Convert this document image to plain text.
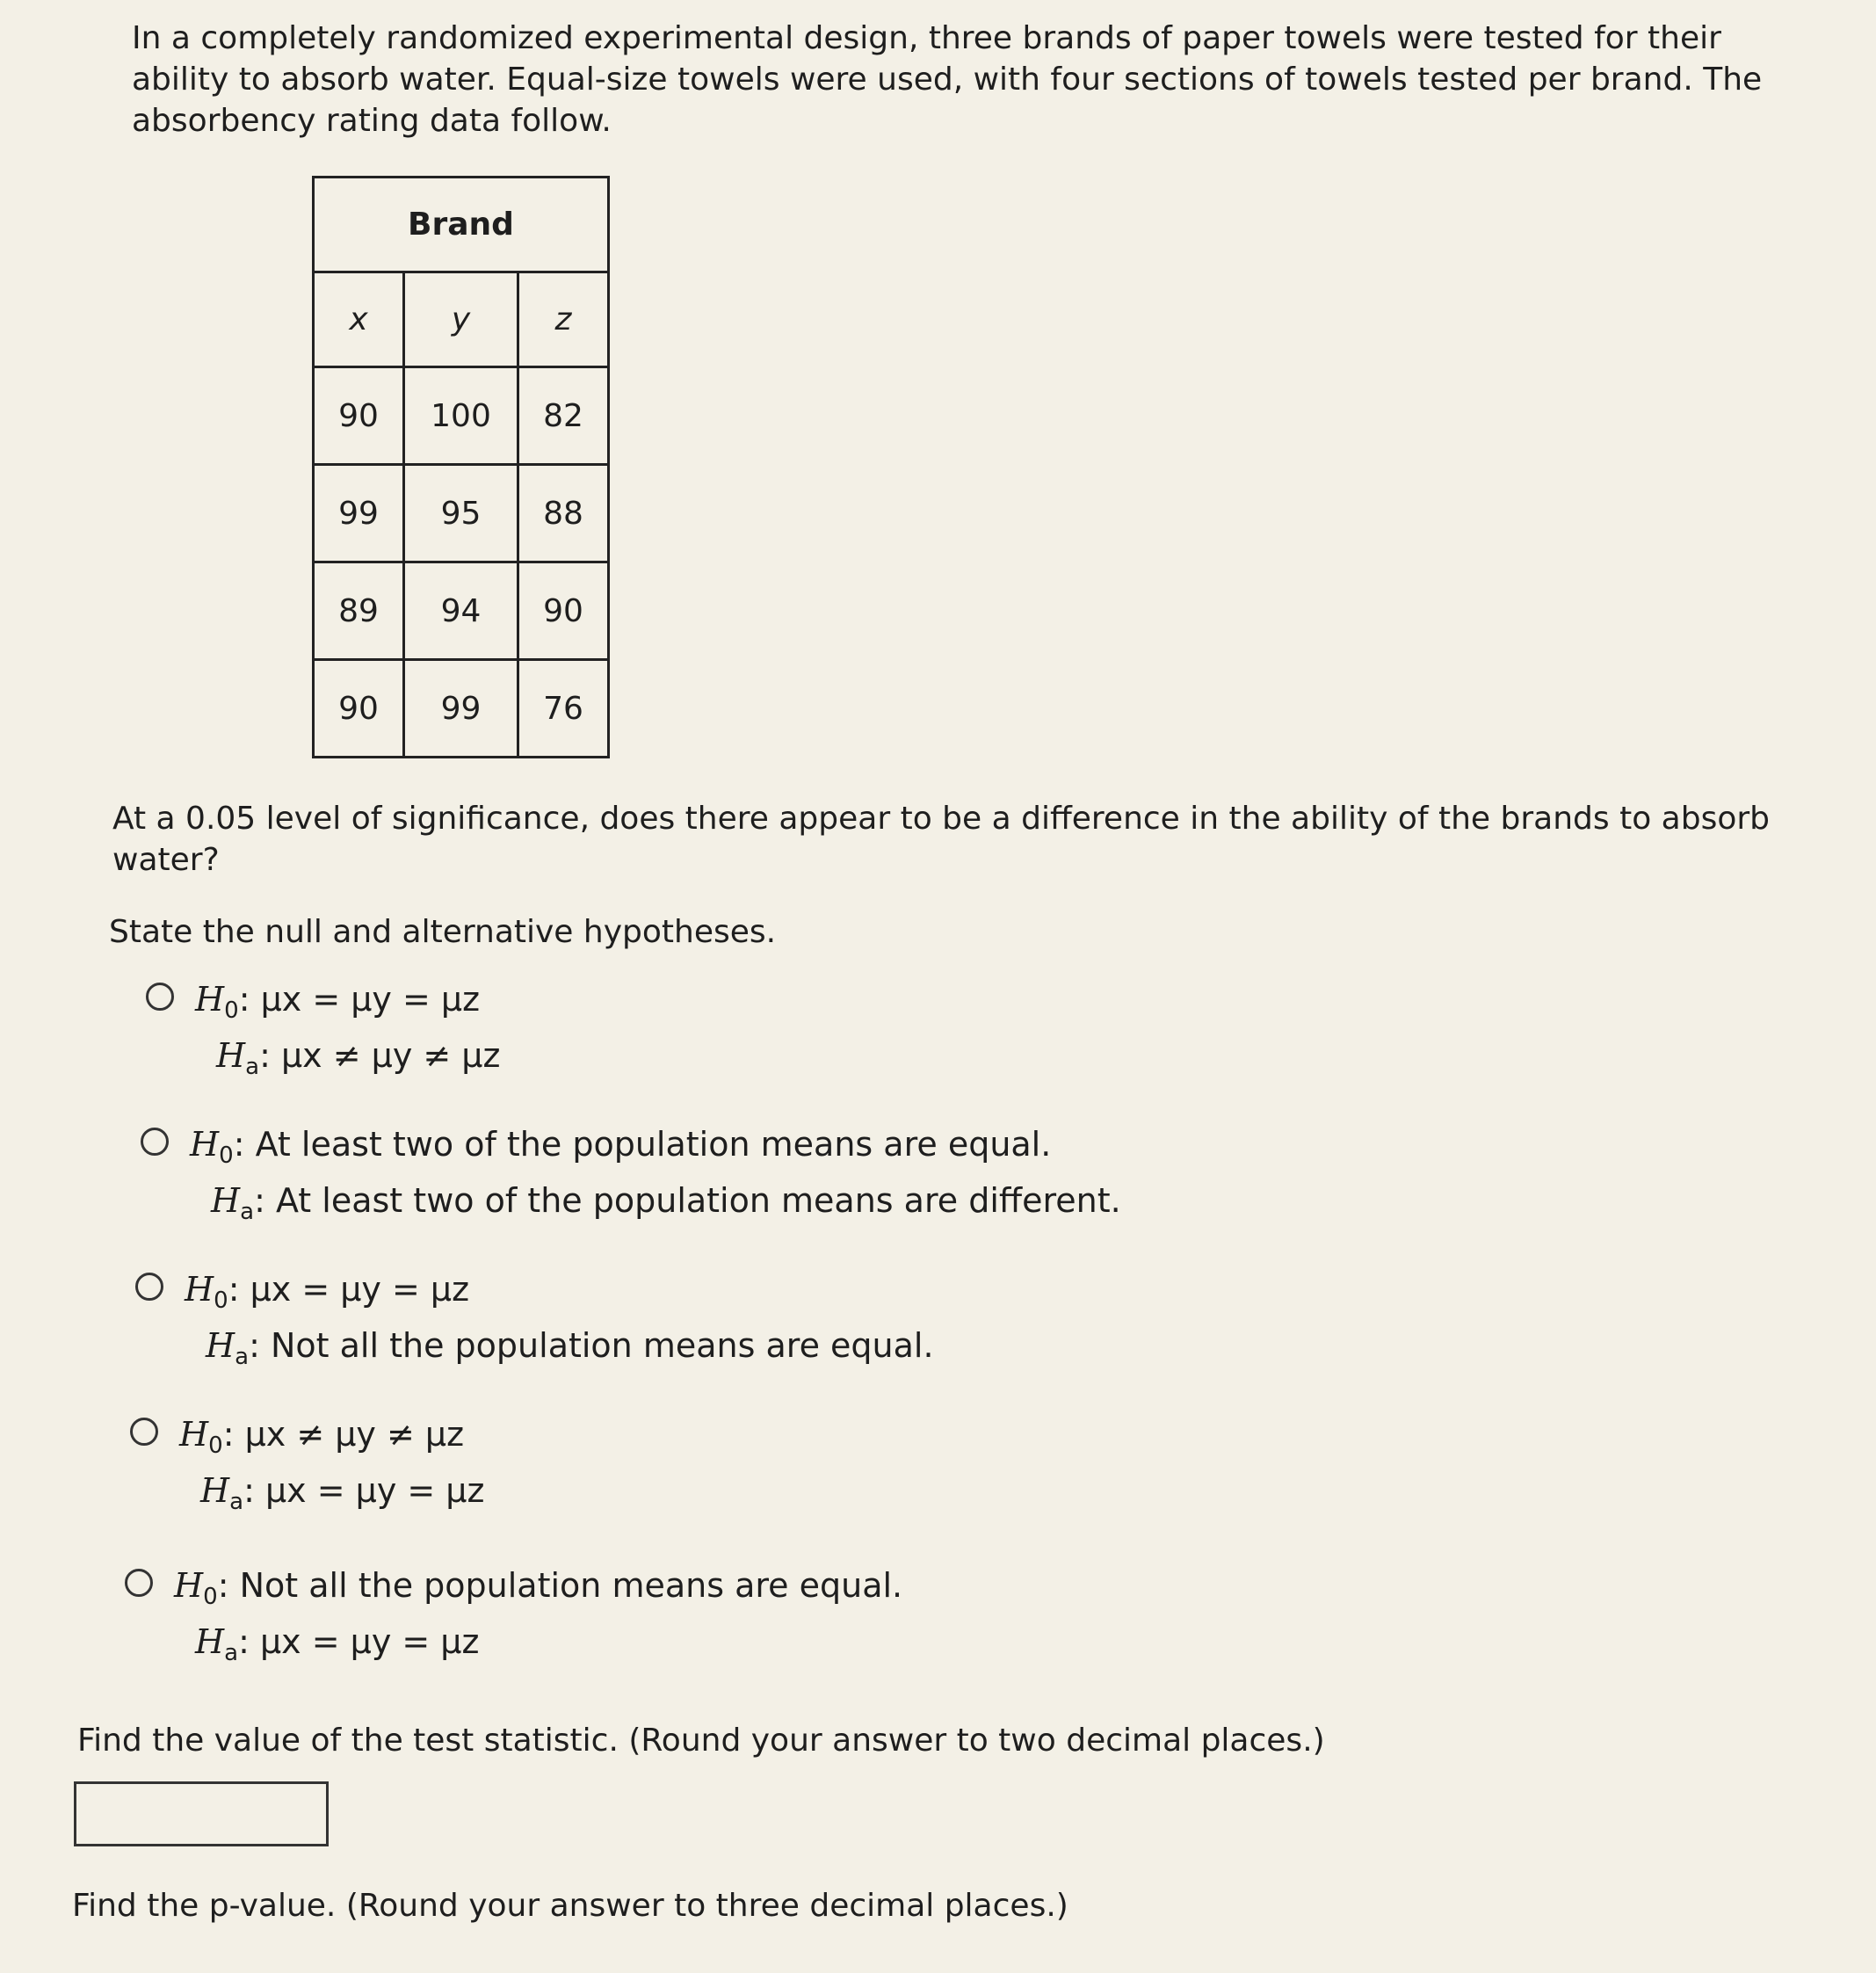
In a completely randomized experimental design, three brands of paper towels were tested for their ability to absorb water. Equal-size towels were used, with four sections of towels tested per brand. The absorbency rating data follow.

Brand		
x	y	z
90	100	82
99	95	88
89	94	90
90	99	76

At a 0.05 level of significance, does there appear to be a difference in the ability of the brands to absorb water?

State the null and alternative hypotheses.

$H_0$: μx = μy = μz
$H_a$: μx ≠ μy ≠ μz
$H_0$: At least two of the population means are equal.
$H_a$: At least two of the population means are different.
$H_0$: μx = μy = μz
$H_a$: Not all the population means are equal.
$H_0$: μx ≠ μy ≠ μz
$H_a$: μx = μy = μz
$H_0$: Not all the population means are equal.
$H_a$: μx = μy = μz

Find the value of the test statistic. (Round your answer to two decimal places.)

Find the p-value. (Round your answer to three decimal places.)
